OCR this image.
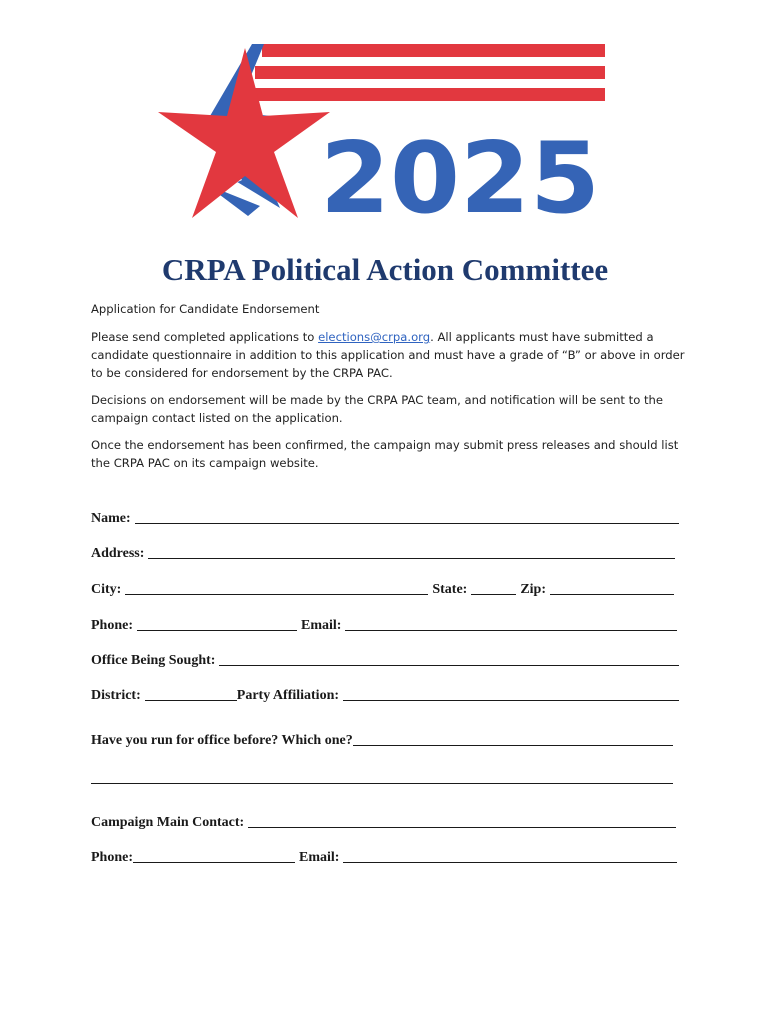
2025
CRPA Political Action Committee

Application for Candidate Endorsement

Please send completed applications to elections@crpa.org. All applicants must have submitted a candidate questionnaire in addition to this application and must have a grade of “B” or above in order to be considered for endorsement by the CRPA PAC.

Decisions on endorsement will be made by the CRPA PAC team, and notification will be sent to the campaign contact listed on the application.

Once the endorsement has been confirmed, the campaign may submit press releases and should list the CRPA PAC on its campaign website.

Name:
Address:
City:	State:	Zip:
Phone:	Email:
Office Being Sought:
District:	Party Affiliation:
Have you run for office before? Which one?
Campaign Main Contact:
Phone:	Email:
